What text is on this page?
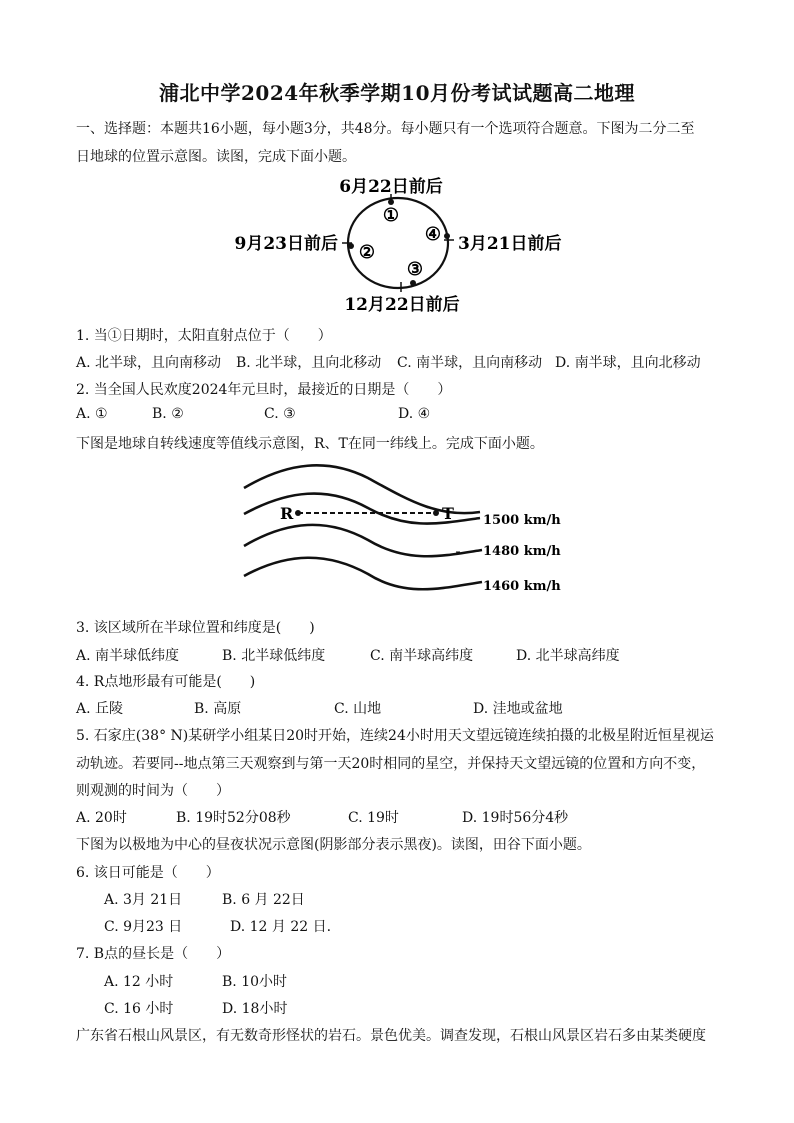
浦北中学2024年秋季学期10月份考试试题高二地理
一、选择题：本题共16小题，每小题3分，共48分。每小题只有一个选项符合题意。下图为二分二至
日地球的位置示意图。读图，完成下面小题。
6月22日前后
9月23日前后	3月21日前后
12月22日前后
①
②
③
④
1. 当①日期时，太阳直射点位于（　　）
A. 北半球，且向南移动 B. 北半球，且向北移动 C. 南半球，且向南移动 D. 南半球，且向北移动
2. 当全国人民欢度2024年元旦时，最接近的日期是（　　）
A. ①	B. ②	C. ③	D. ④
下图是地球自转线速度等值线示意图，R、T在同一纬线上。完成下面小题。
R	T 1500 km/h
1480 km/h
1460 km/h
3. 该区域所在半球位置和纬度是(　　)
A. 南半球低纬度	B. 北半球低纬度	C. 南半球高纬度	D. 北半球高纬度
4. R点地形最有可能是(　　)
A. 丘陵	B. 高原	C. 山地	D. 洼地或盆地
5. 石家庄(38° N)某研学小组某日20时开始，连续24小时用天文望远镜连续拍摄的北极星附近恒星视运
动轨迹。若要同--地点第三天观察到与第一天20时相同的星空，并保持天文望远镜的位置和方向不变，
则观测的时间为（　　）
A. 20时	B. 19时52分08秒	C. 19时	D. 19时56分4秒
下图为以极地为中心的昼夜状况示意图(阴影部分表示黑夜)。读图，田谷下面小题。
6. 该日可能是（　　）
A. 3月 21日	B. 6 月 22日
C. 9月23 日	D. 12 月 22 日.
7. B点的昼长是（　　）
A. 12 小时	B. 10小时
C. 16 小时	D. 18小时
广东省石根山风景区，有无数奇形怪状的岩石。景色优美。调查发现，石根山风景区岩石多由某类硬度
